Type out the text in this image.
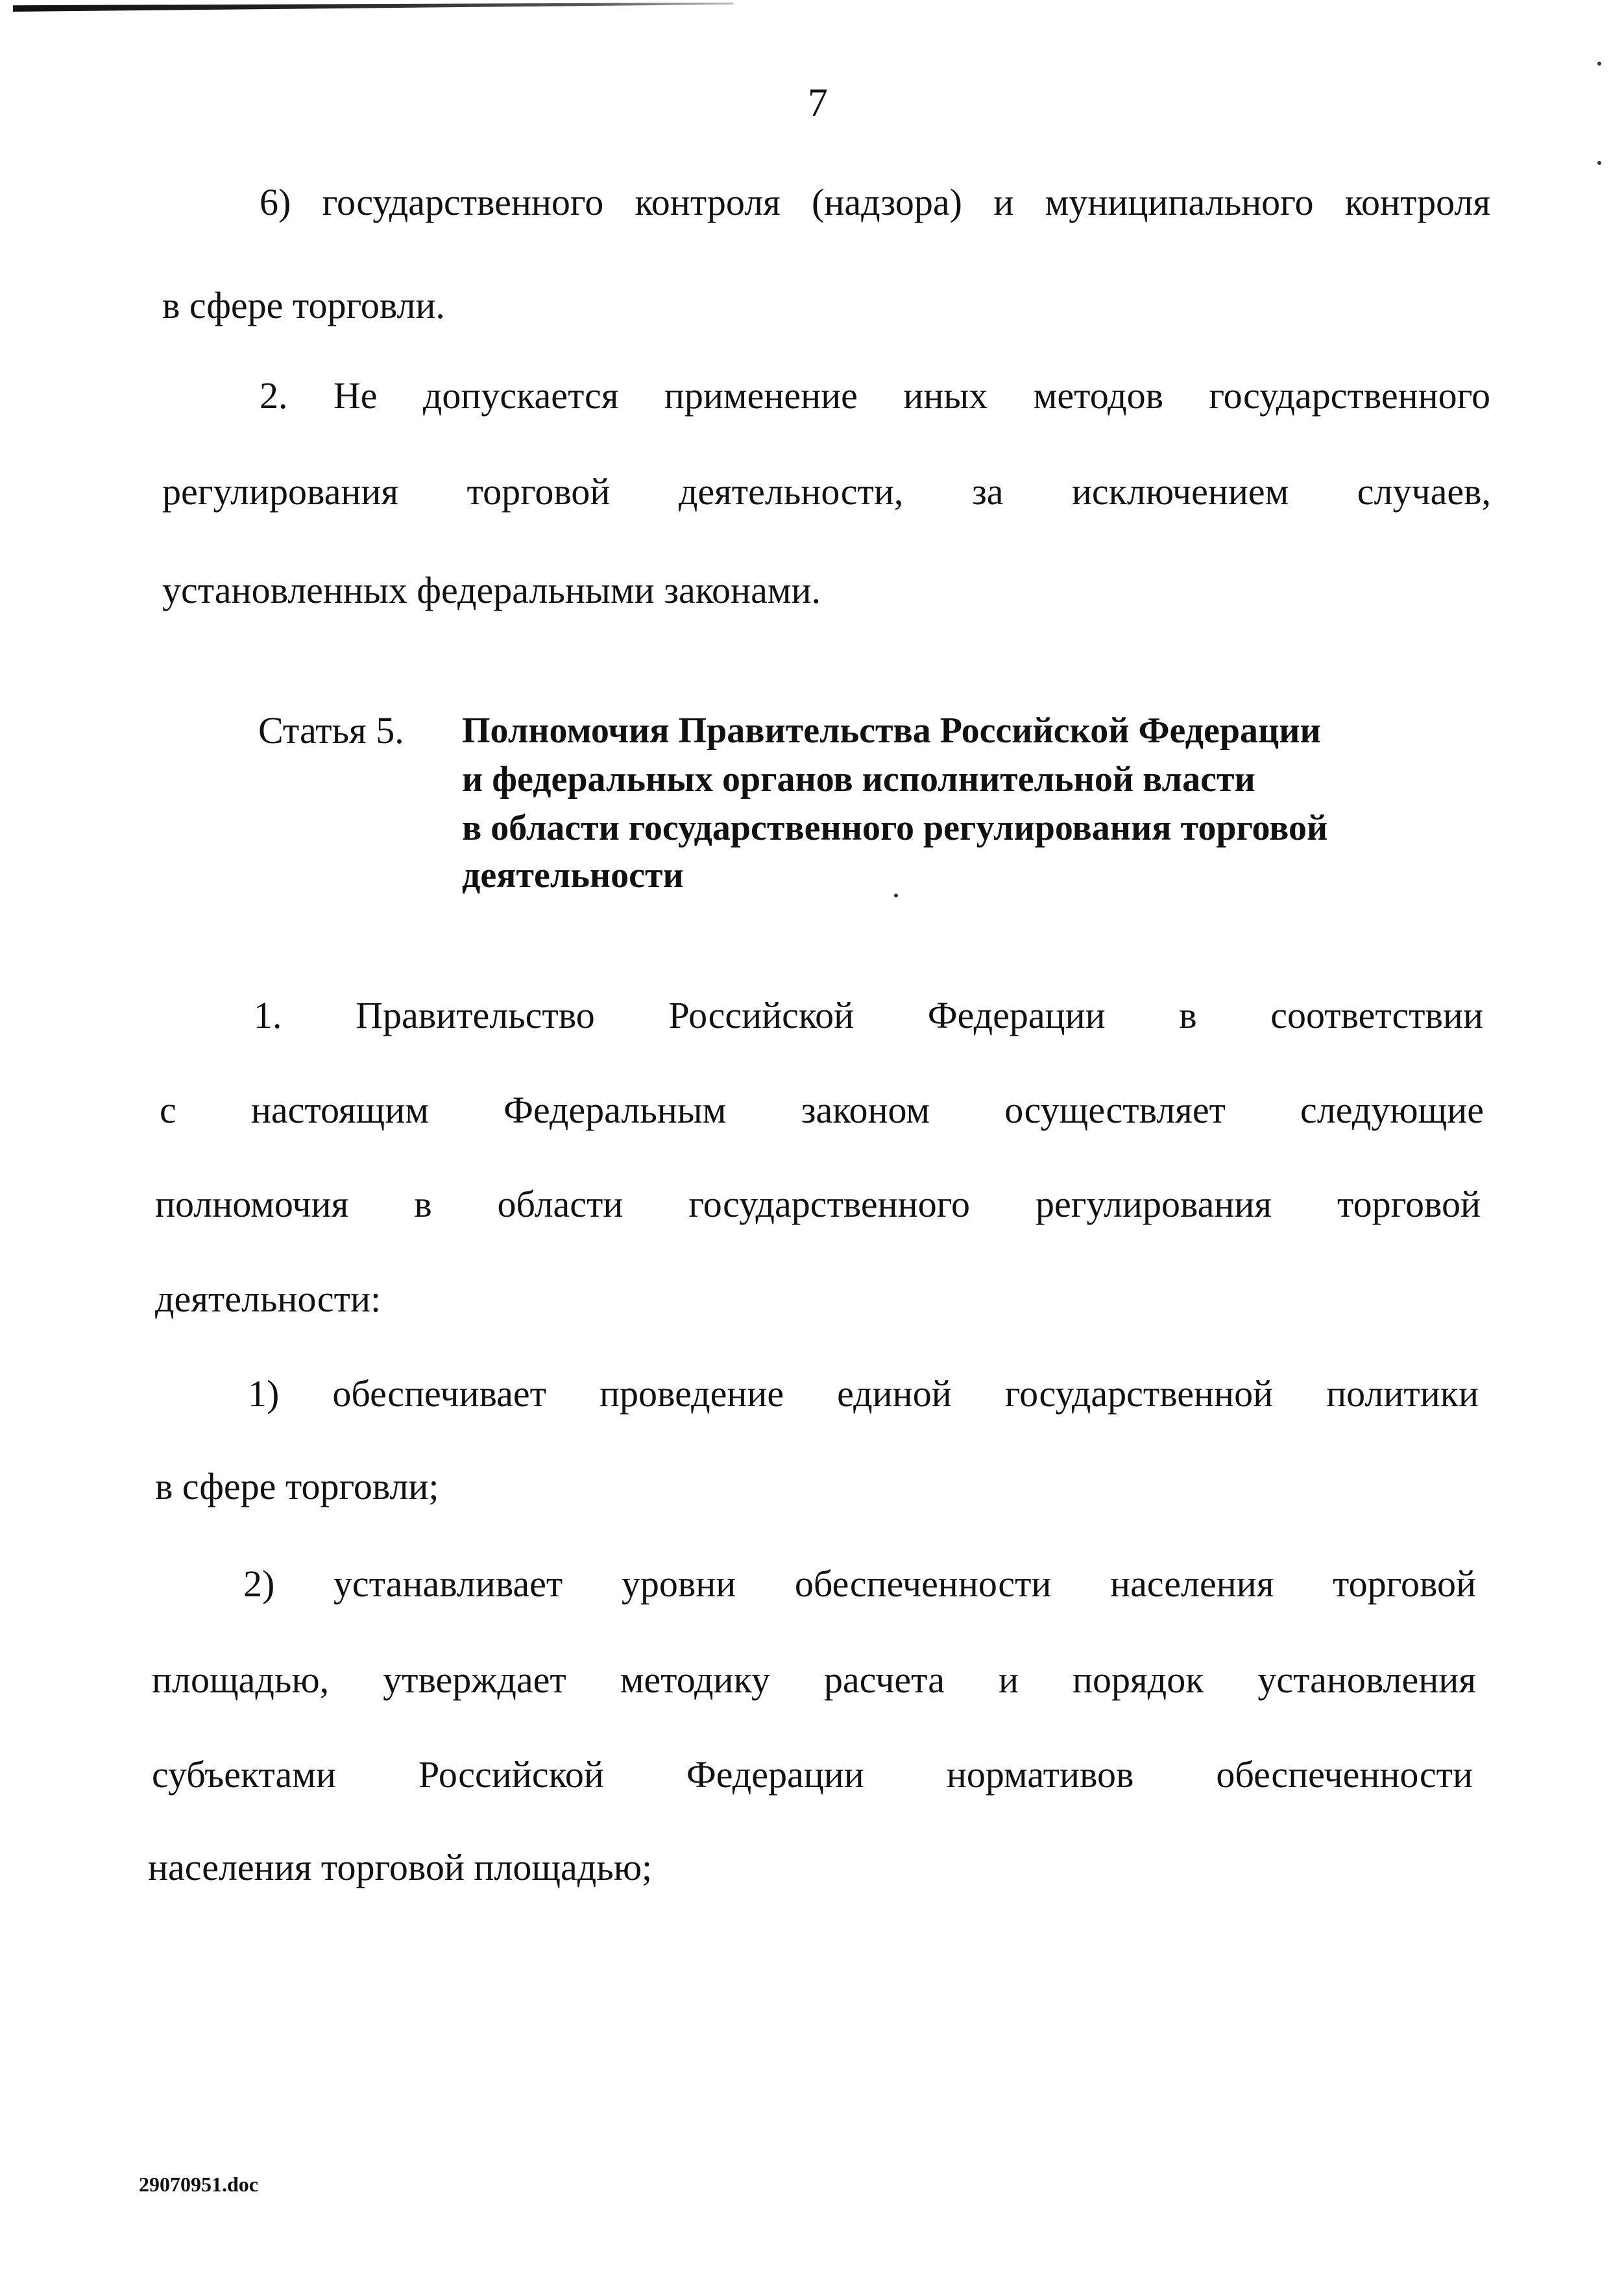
7
6) государственного контроля (надзора) и муниципального контроля
в сфере торговли.
2. Не допускается применение иных методов государственного
регулирования торговой деятельности, за исключением случаев,
установленных федеральными законами.
Статья 5. Полномочия Правительства Российской Федерации
и федеральных органов исполнительной власти
в области государственного регулирования торговой
деятельности
1. Правительство Российской Федерации в соответствии
с настоящим Федеральным законом осуществляет следующие
полномочия в области государственного регулирования торговой
деятельности:
1) обеспечивает проведение единой государственной политики
в сфере торговли;
2) устанавливает уровни обеспеченности населения торговой
площадью, утверждает методику расчета и порядок установления
субъектами Российской Федерации нормативов обеспеченности
населения торговой площадью;
29070951.doc
